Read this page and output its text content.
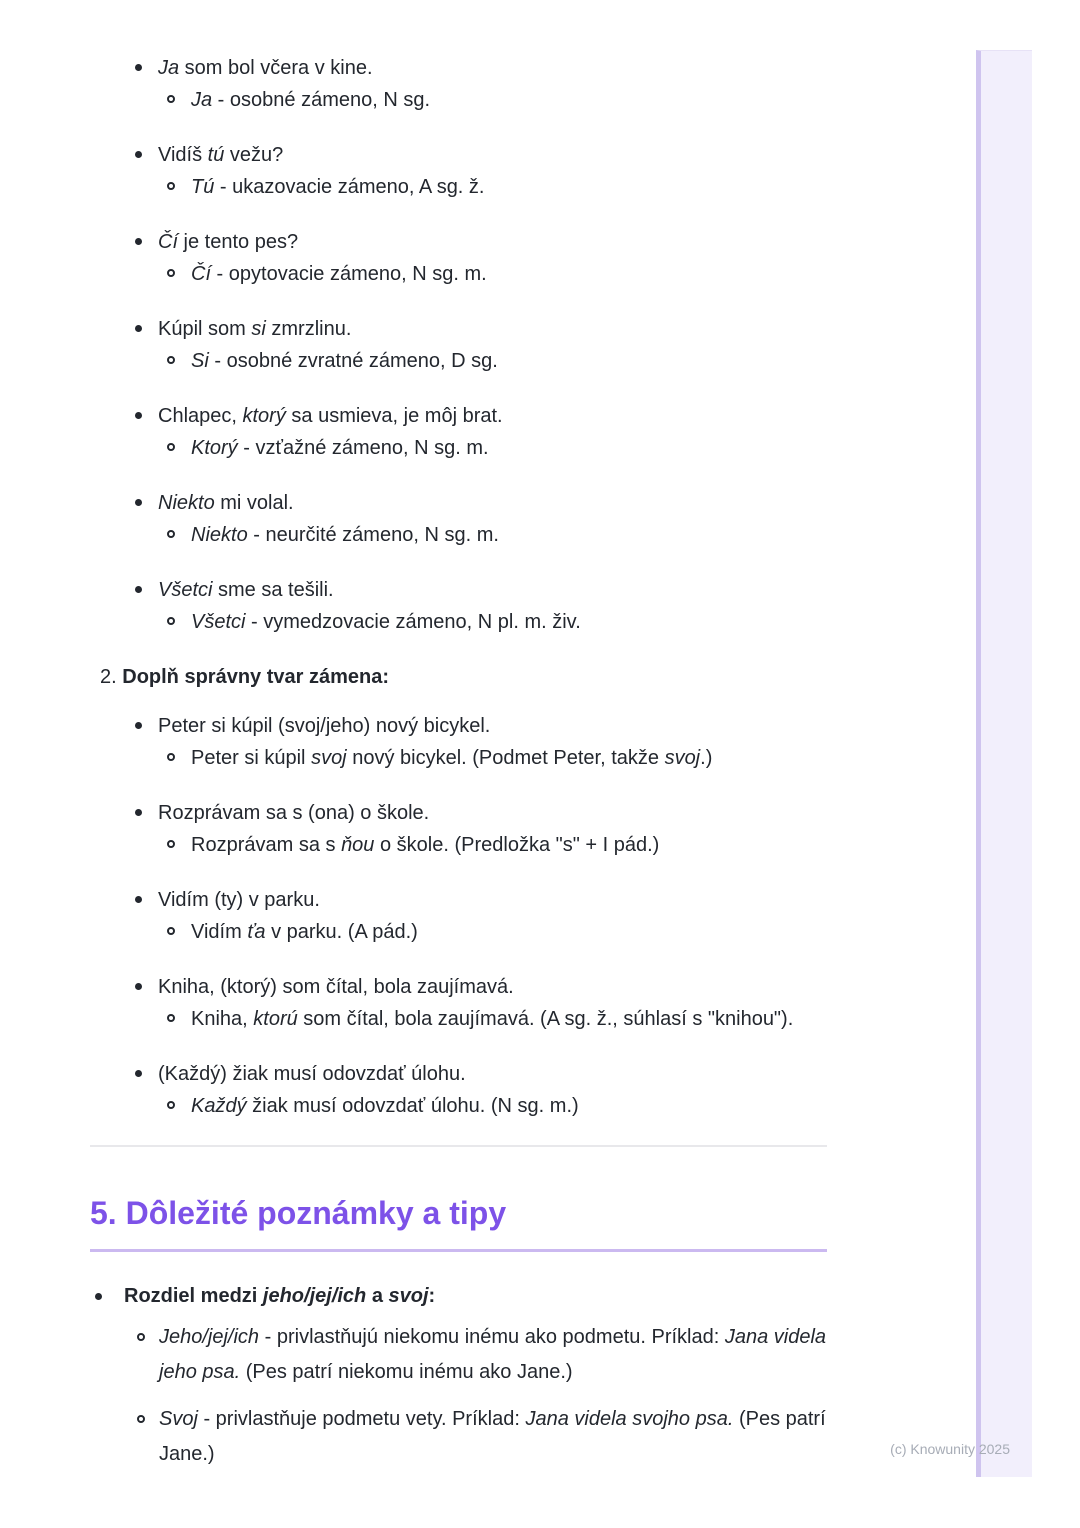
Ja som bol včera v kine.
Ja - osobné zámeno, N sg.
Vidíš tú vežu?
Tú - ukazovacie zámeno, A sg. ž.
Čí je tento pes?
Čí - opytovacie zámeno, N sg. m.
Kúpil som si zmrzlinu.
Si - osobné zvratné zámeno, D sg.
Chlapec, ktorý sa usmieva, je môj brat.
Ktorý - vzťažné zámeno, N sg. m.
Niekto mi volal.
Niekto - neurčité zámeno, N sg. m.
Všetci sme sa tešili.
Všetci - vymedzovacie zámeno, N pl. m. živ.
2. Doplň správny tvar zámena:
Peter si kúpil (svoj/jeho) nový bicykel.
Peter si kúpil svoj nový bicykel. (Podmet Peter, takže svoj.)
Rozprávam sa s (ona) o škole.
Rozprávam sa s ňou o škole. (Predložka "s" + I pád.)
Vidím (ty) v parku.
Vidím ťa v parku. (A pád.)
Kniha, (ktorý) som čítal, bola zaujímavá.
Kniha, ktorú som čítal, bola zaujímavá. (A sg. ž., súhlasí s "knihou").
(Každý) žiak musí odovzdať úlohu.
Každý žiak musí odovzdať úlohu. (N sg. m.)
5. Dôležité poznámky a tipy
Rozdiel medzi jeho/jej/ich a svoj:
Jeho/jej/ich - privlastňujú niekomu inému ako podmetu. Príklad: Jana videla jeho psa. (Pes patrí niekomu inému ako Jane.)
Svoj - privlastňuje podmetu vety. Príklad: Jana videla svojho psa. (Pes patrí Jane.)	(c) Knowunity 2025
